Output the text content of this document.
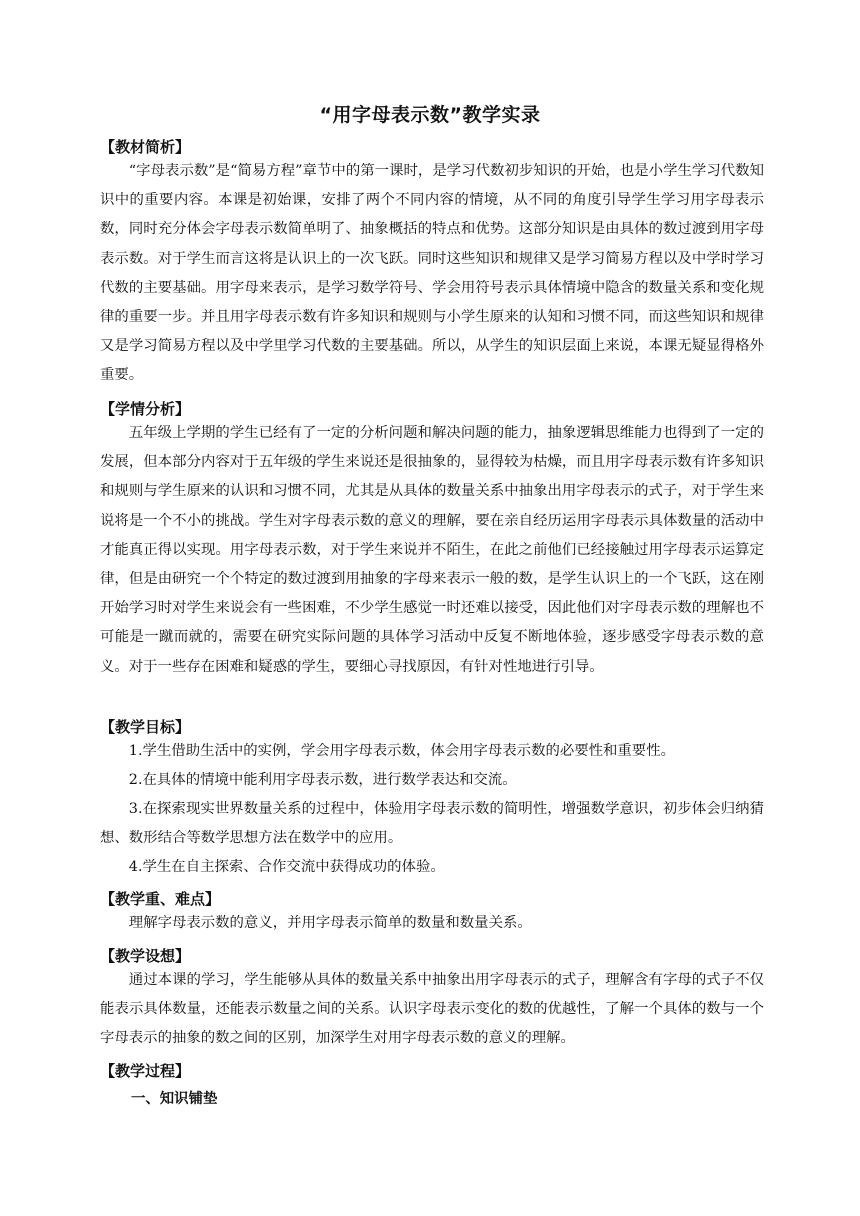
“用字母表示数”教学实录
【教材简析】

“字母表示数”是“简易方程”章节中的第一课时，是学习代数初步知识的开始，也是小学生学习代数知识中的重要内容。本课是初始课，安排了两个不同内容的情境，从不同的角度引导学生学习用字母表示数，同时充分体会字母表示数简单明了、抽象概括的特点和优势。这部分知识是由具体的数过渡到用字母表示数。对于学生而言这将是认识上的一次飞跃。同时这些知识和规律又是学习简易方程以及中学时学习代数的主要基础。用字母来表示，是学习数学符号、学会用符号表示具体情境中隐含的数量关系和变化规律的重要一步。并且用字母表示数有许多知识和规则与小学生原来的认知和习惯不同，而这些知识和规律又是学习简易方程以及中学里学习代数的主要基础。所以，从学生的知识层面上来说，本课无疑显得格外重要。

【学情分析】

五年级上学期的学生已经有了一定的分析问题和解决问题的能力，抽象逻辑思维能力也得到了一定的发展，但本部分内容对于五年级的学生来说还是很抽象的，显得较为枯燥，而且用字母表示数有许多知识和规则与学生原来的认识和习惯不同，尤其是从具体的数量关系中抽象出用字母表示的式子，对于学生来说将是一个不小的挑战。学生对字母表示数的意义的理解，要在亲自经历运用字母表示具体数量的活动中才能真正得以实现。用字母表示数，对于学生来说并不陌生，在此之前他们已经接触过用字母表示运算定律，但是由研究一个个特定的数过渡到用抽象的字母来表示一般的数，是学生认识上的一个飞跃，这在刚开始学习时对学生来说会有一些困难，不少学生感觉一时还难以接受，因此他们对字母表示数的理解也不可能是一蹴而就的，需要在研究实际问题的具体学习活动中反复不断地体验，逐步感受字母表示数的意义。对于一些存在困难和疑惑的学生，要细心寻找原因，有针对性地进行引导。

【教学目标】

1.学生借助生活中的实例，学会用字母表示数，体会用字母表示数的必要性和重要性。

2.在具体的情境中能利用字母表示数，进行数学表达和交流。

3.在探索现实世界数量关系的过程中，体验用字母表示数的简明性，增强数学意识，初步体会归纳猜想、数形结合等数学思想方法在数学中的应用。

4.学生在自主探索、合作交流中获得成功的体验。

【教学重、难点】

理解字母表示数的意义，并用字母表示简单的数量和数量关系。

【教学设想】

通过本课的学习，学生能够从具体的数量关系中抽象出用字母表示的式子，理解含有字母的式子不仅能表示具体数量，还能表示数量之间的关系。认识字母表示变化的数的优越性，了解一个具体的数与一个字母表示的抽象的数之间的区别，加深学生对用字母表示数的意义的理解。

【教学过程】
一、知识铺垫
